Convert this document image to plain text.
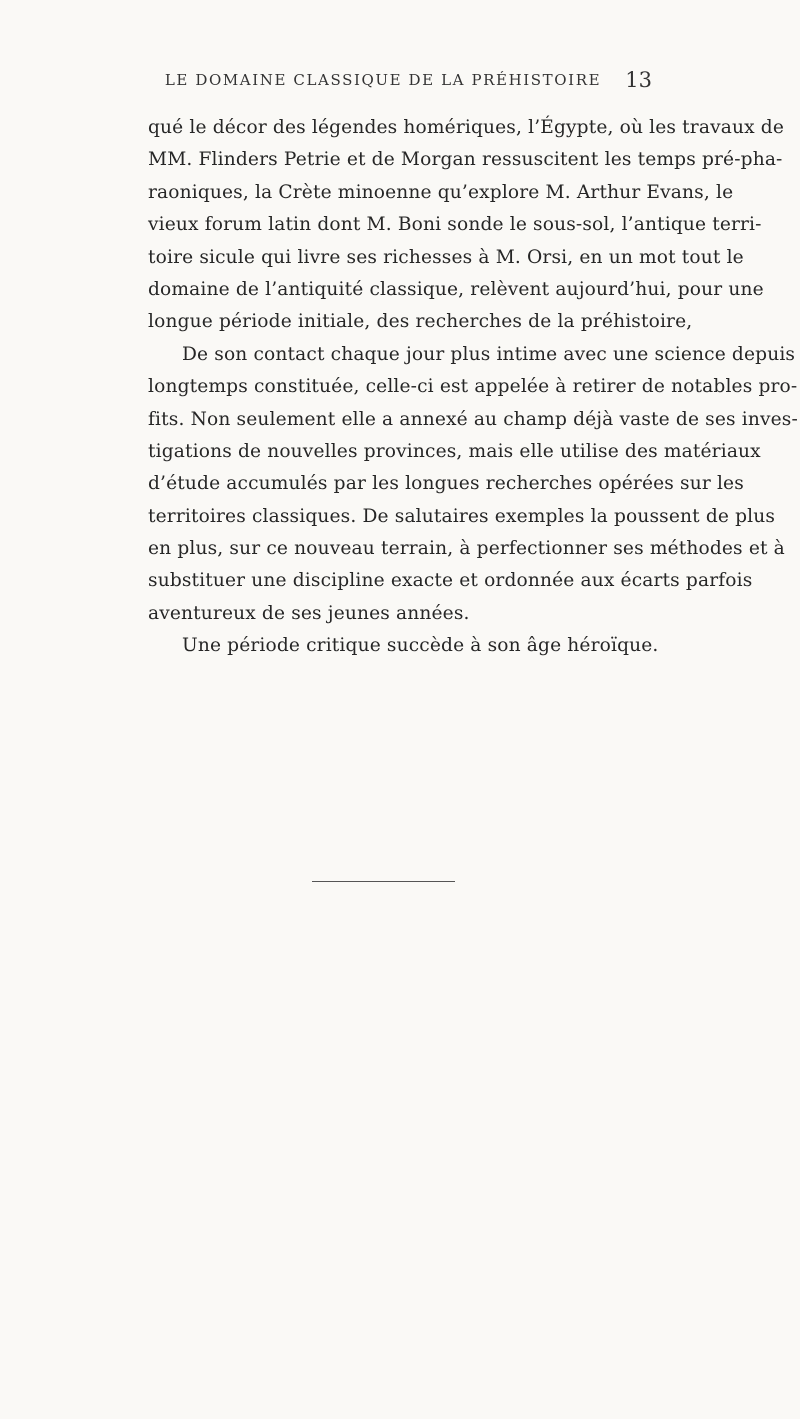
LE DOMAINE CLASSIQUE DE LA PRÉHISTOIRE	13
qué le décor des légendes homériques, l’Égypte, où les travaux de
MM. Flinders Petrie et de Morgan ressuscitent les temps pré-pha-
raoniques, la Crète minoenne qu’explore M. Arthur Evans, le
vieux forum latin dont M. Boni sonde le sous-sol, l’antique terri-
toire sicule qui livre ses richesses à M. Orsi, en un mot tout le
domaine de l’antiquité classique, relèvent aujourd’hui, pour une
longue période initiale, des recherches de la préhistoire,
De son contact chaque jour plus intime avec une science depuis
longtemps constituée, celle-ci est appelée à retirer de notables pro-
fits. Non seulement elle a annexé au champ déjà vaste de ses inves-
tigations de nouvelles provinces, mais elle utilise des matériaux
d’étude accumulés par les longues recherches opérées sur les
territoires classiques. De salutaires exemples la poussent de plus
en plus, sur ce nouveau terrain, à perfectionner ses méthodes et à
substituer une discipline exacte et ordonnée aux écarts parfois
aventureux de ses jeunes années.
Une période critique succède à son âge héroïque.
